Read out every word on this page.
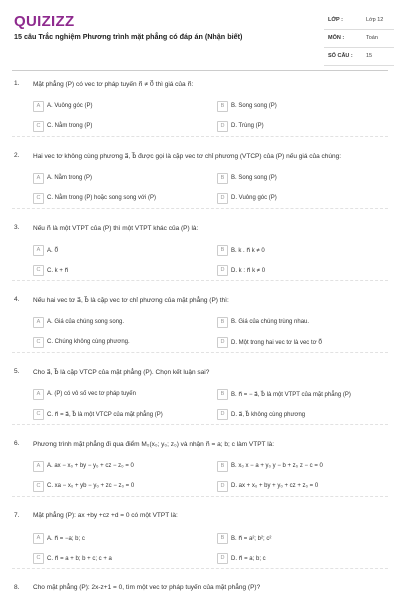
QUIZIZZ
15 câu Trắc nghiệm Phương trình mặt phẳng có đáp án (Nhận biết)
LỚP :	Lớp 12
MÔN :	Toán
SỐ CÂU : 15
1. Mặt phẳng (P) có vec tơ pháp tuyến n⃗ ≠ 0⃗ thì giá của n⃗:
A	A. Vuông góc (P)	B	B. Song song (P)
C	C. Nằm trong (P)	D	D. Trùng (P)
2. Hai vec tơ không cùng phương a⃗, b⃗ được gọi là cặp vec tơ chỉ phương (VTCP) của (P) nếu giá của chúng:
A	A. Nằm trong (P)	B	B. Song song (P)
C	C. Nằm trong (P) hoặc song song với (P)	D	D. Vuông góc (P)
3. Nếu n⃗ là một VTPT của (P) thì một VTPT khác của (P) là:
A	A. 0⃗	B	B. k . n⃗ k ≠ 0
C	C. k + n⃗	D	D. k : n⃗ k ≠ 0
4. Nếu hai vec tơ a⃗, b⃗ là cặp vec tơ chỉ phương của mặt phẳng (P) thì:
A	A. Giá của chúng song song.	B	B. Giá của chúng trùng nhau.
C	C. Chúng không cùng phương.	D	D. Một trong hai vec tơ là vec tơ 0⃗
5. Cho a⃗, b⃗ là cặp VTCP của mặt phẳng (P). Chọn kết luận sai?
A	A. (P) có vô số vec tơ pháp tuyến	B	B. n⃗ = − a⃗, b⃗ là một VTPT của mặt phẳng (P)
C	C. n⃗ = a⃗, b⃗ là một VTCP của mặt phẳng (P)	D	D. a⃗, b⃗ không cùng phương
6. Phương trình mặt phẳng đi qua điểm M₀(x₀; y₀; z₀) và nhận n⃗ = a; b; c làm VTPT là:
A	A. ax − x₀ + by − y₀ + cz − z₀ = 0	B	B. x₀ x − a + y₀ y − b + z₀ z − c = 0
C	C. xa − x₀ + yb − y₀ + zc − z₀ = 0	D	D. ax + x₀ + by + y₀ + cz + z₀ = 0
7. Mặt phẳng (P): ax +by +cz +d = 0 có một VTPT là:
A	A. n⃗ = −a; b; c	B	B. n⃗ = a²; b²; c²
C	C. n⃗ = a + b; b + c; c + a	D	D. n⃗ = a; b; c
8. Cho mặt phẳng (P): 2x-z+1 = 0, tìm một vec tơ pháp tuyến của mặt phẳng (P)?
